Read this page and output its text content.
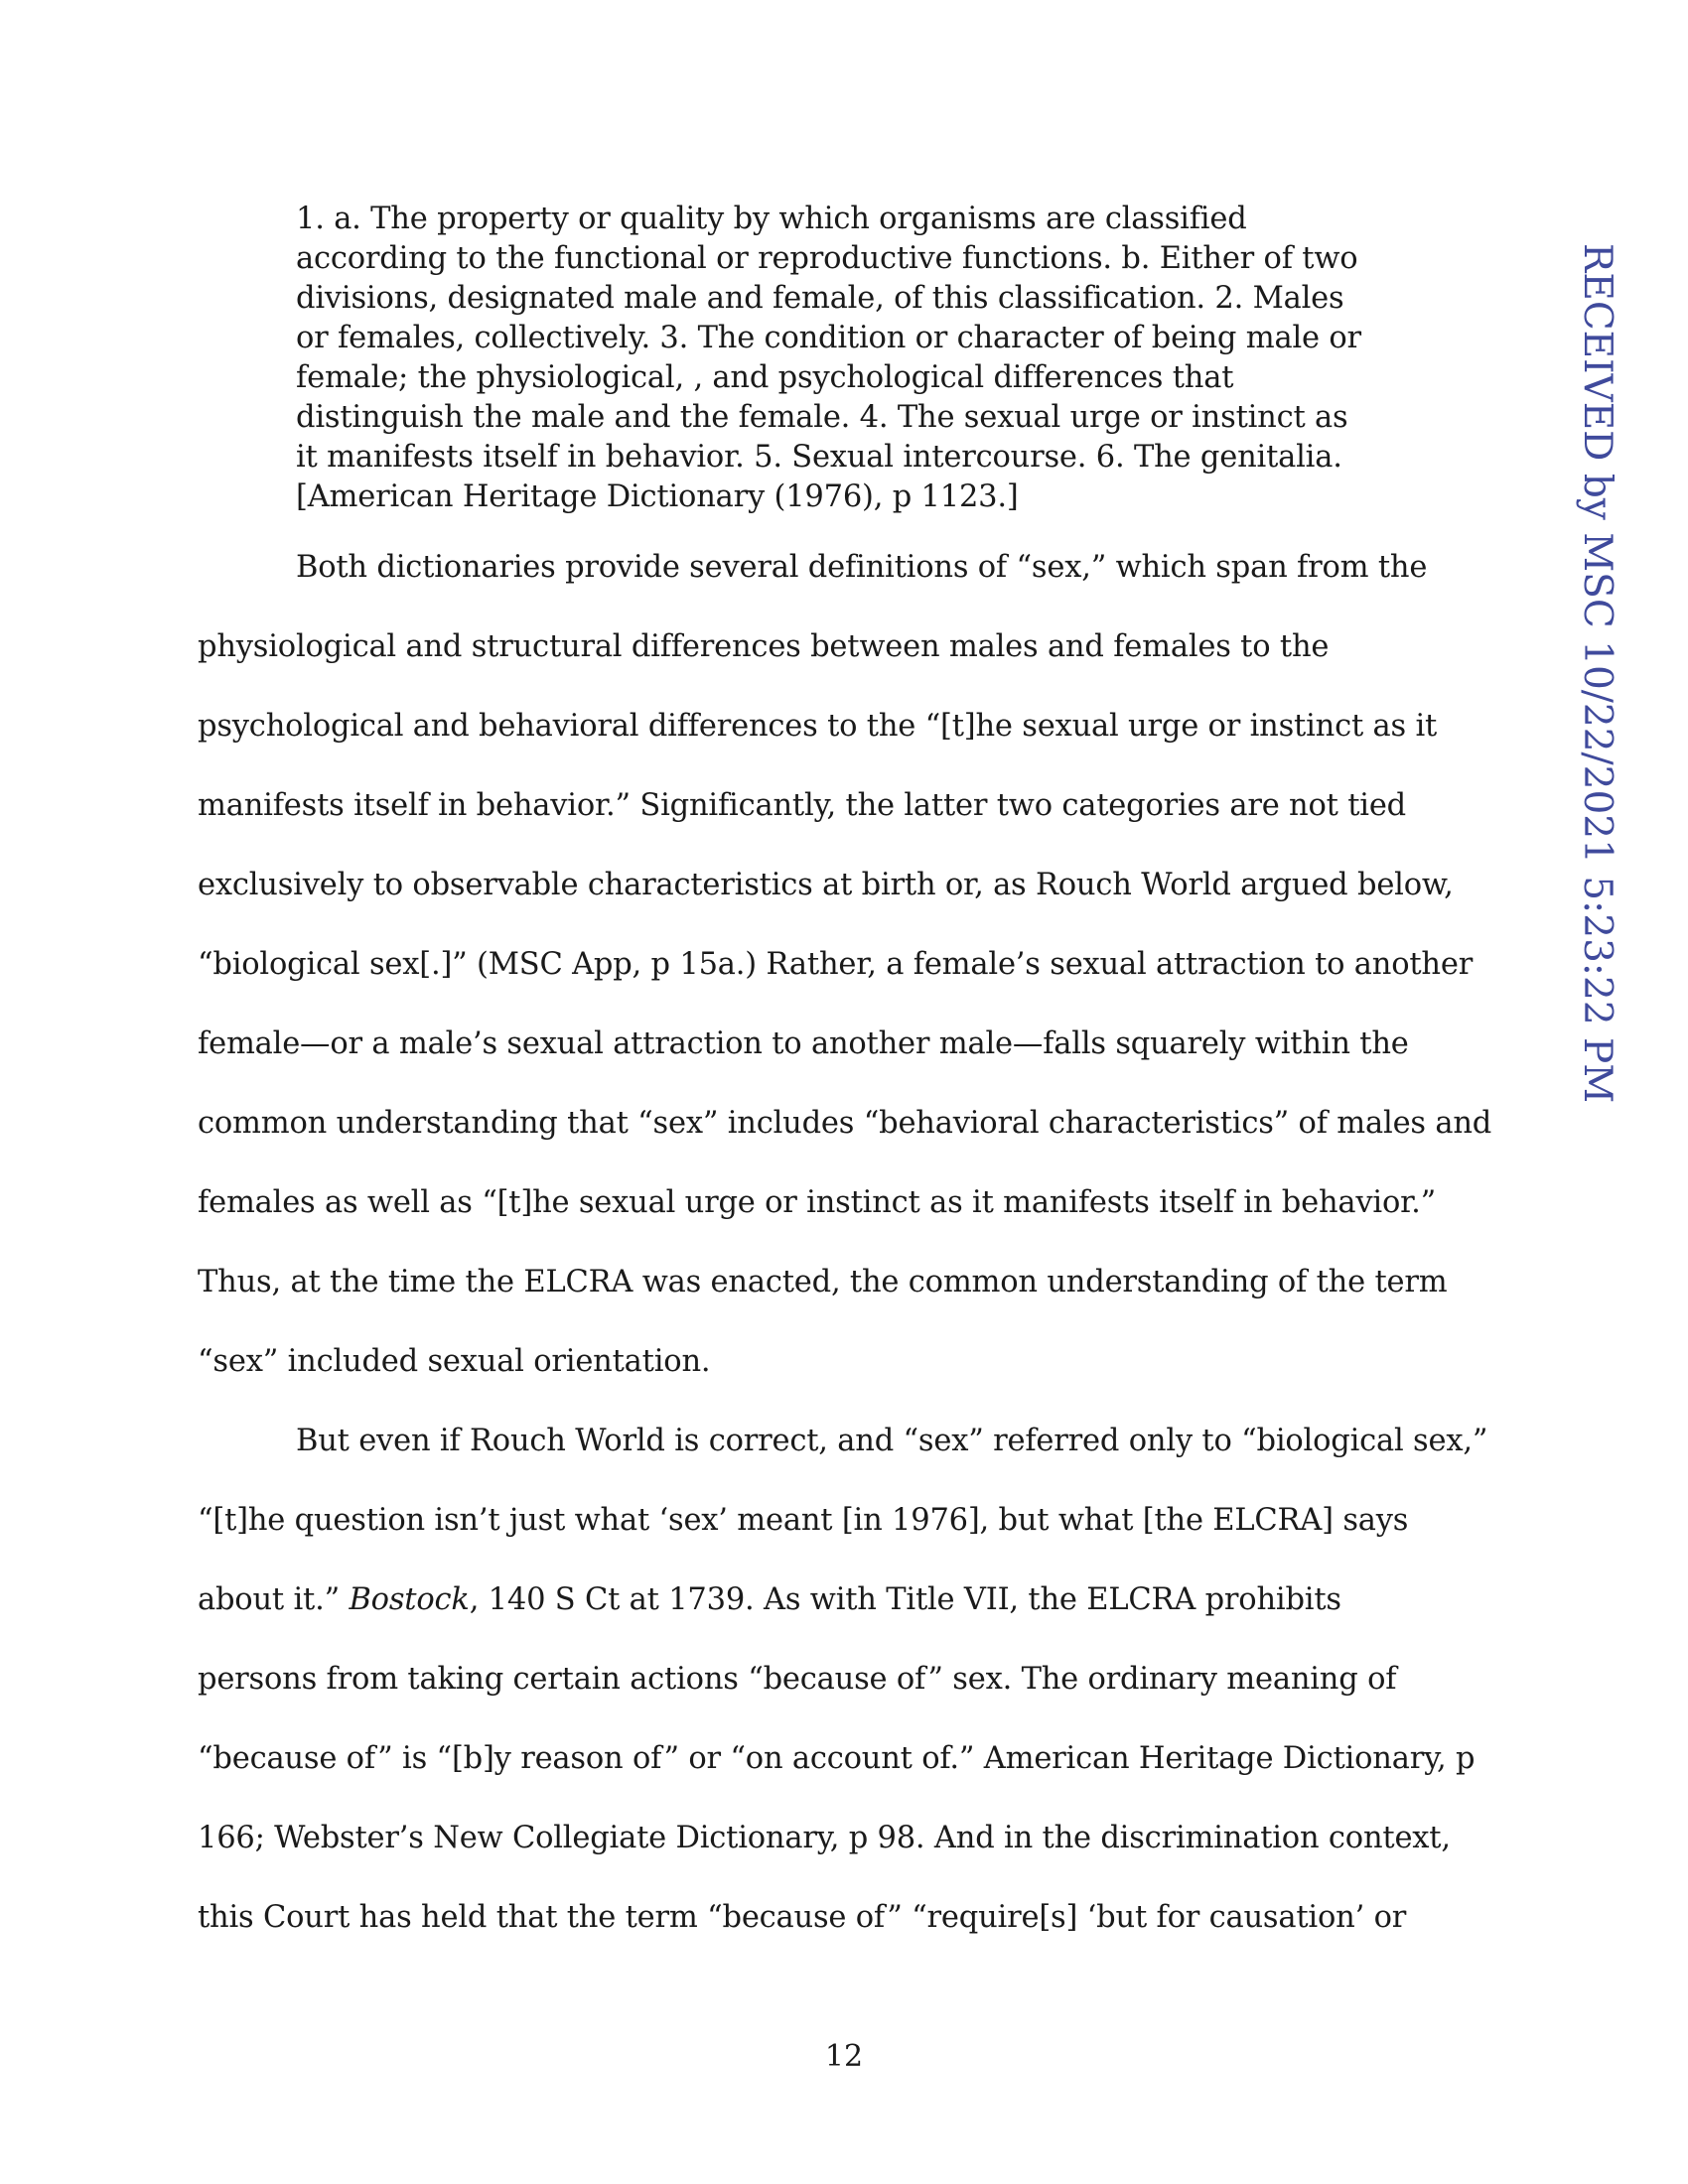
1. a. The property or quality by which organisms are classified
according to the functional or reproductive functions. b. Either of two
divisions, designated male and female, of this classification. 2. Males
or females, collectively. 3. The condition or character of being male or
female; the physiological, , and psychological differences that
distinguish the male and the female. 4. The sexual urge or instinct as
it manifests itself in behavior. 5. Sexual intercourse. 6. The genitalia.
[American Heritage Dictionary (1976), p 1123.]
Both dictionaries provide several definitions of “sex,” which span from the
physiological and structural differences between males and females to the
psychological and behavioral differences to the “[t]he sexual urge or instinct as it
manifests itself in behavior.” Significantly, the latter two categories are not tied
exclusively to observable characteristics at birth or, as Rouch World argued below,
“biological sex[.]” (MSC App, p 15a.) Rather, a female’s sexual attraction to another
female—or a male’s sexual attraction to another male—falls squarely within the
common understanding that “sex” includes “behavioral characteristics” of males and
females as well as “[t]he sexual urge or instinct as it manifests itself in behavior.”
Thus, at the time the ELCRA was enacted, the common understanding of the term
“sex” included sexual orientation.
But even if Rouch World is correct, and “sex” referred only to “biological sex,”
“[t]he question isn’t just what ‘sex’ meant [in 1976], but what [the ELCRA] says
about it.” Bostock, 140 S Ct at 1739. As with Title VII, the ELCRA prohibits
persons from taking certain actions “because of” sex. The ordinary meaning of
“because of” is “[b]y reason of” or “on account of.” American Heritage Dictionary, p
166; Webster’s New Collegiate Dictionary, p 98. And in the discrimination context,
this Court has held that the term “because of” “require[s] ‘but for causation’ or
12
RECEIVED by MSC 10/22/2021 5:23:22 PM
